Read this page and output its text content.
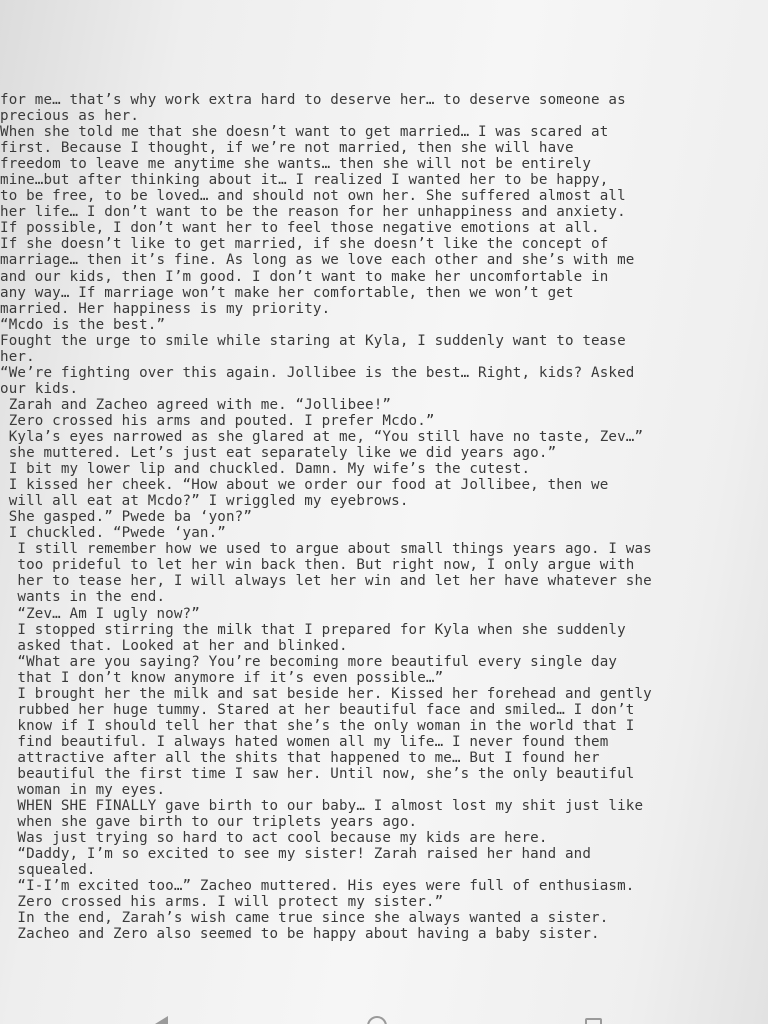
for me… that’s why work extra hard to deserve her… to deserve someone as
precious as her.
When she told me that she doesn’t want to get married… I was scared at
first. Because I thought, if we’re not married, then she will have
freedom to leave me anytime she wants… then she will not be entirely
mine…but after thinking about it… I realized I wanted her to be happy,
to be free, to be loved… and should not own her. She suffered almost all
her life… I don’t want to be the reason for her unhappiness and anxiety.
If possible, I don’t want her to feel those negative emotions at all.
If she doesn’t like to get married, if she doesn’t like the concept of
marriage… then it’s fine. As long as we love each other and she’s with me
and our kids, then I’m good. I don’t want to make her uncomfortable in
any way… If marriage won’t make her comfortable, then we won’t get
married. Her happiness is my priority.
“Mcdo is the best.”
Fought the urge to smile while staring at Kyla, I suddenly want to tease
her.
“We’re fighting over this again. Jollibee is the best… Right, kids? Asked
our kids.
Zarah and Zacheo agreed with me. “Jollibee!”
Zero crossed his arms and pouted. I prefer Mcdo.”
Kyla’s eyes narrowed as she glared at me, “You still have no taste, Zev…”
she muttered. Let’s just eat separately like we did years ago.”
I bit my lower lip and chuckled. Damn. My wife’s the cutest.
I kissed her cheek. “How about we order our food at Jollibee, then we
will all eat at Mcdo?” I wriggled my eyebrows.
She gasped.” Pwede ba ‘yon?”
I chuckled. “Pwede ‘yan.”
I still remember how we used to argue about small things years ago. I was
too prideful to let her win back then. But right now, I only argue with
her to tease her, I will always let her win and let her have whatever she
wants in the end.
“Zev… Am I ugly now?”
I stopped stirring the milk that I prepared for Kyla when she suddenly
asked that. Looked at her and blinked.
“What are you saying? You’re becoming more beautiful every single day
that I don’t know anymore if it’s even possible…”
I brought her the milk and sat beside her. Kissed her forehead and gently
rubbed her huge tummy. Stared at her beautiful face and smiled… I don’t
know if I should tell her that she’s the only woman in the world that I
find beautiful. I always hated women all my life… I never found them
attractive after all the shits that happened to me… But I found her
beautiful the first time I saw her. Until now, she’s the only beautiful
woman in my eyes.
WHEN SHE FINALLY gave birth to our baby… I almost lost my shit just like
when she gave birth to our triplets years ago.
Was just trying so hard to act cool because my kids are here.
“Daddy, I’m so excited to see my sister! Zarah raised her hand and
squealed.
“I-I’m excited too…” Zacheo muttered. His eyes were full of enthusiasm.
Zero crossed his arms. I will protect my sister.”
In the end, Zarah’s wish came true since she always wanted a sister.
Zacheo and Zero also seemed to be happy about having a baby sister.
